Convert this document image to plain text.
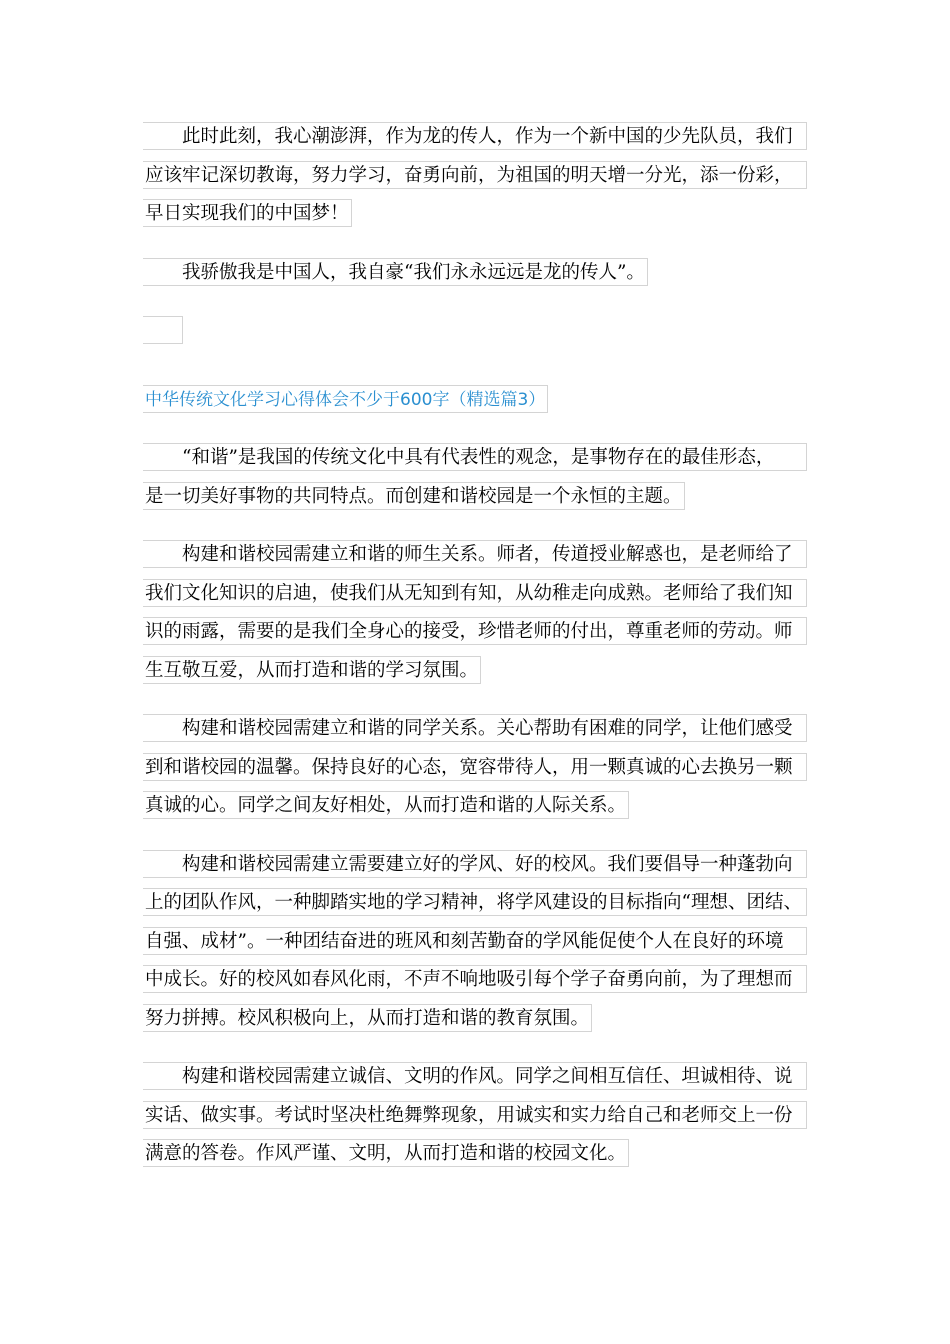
此时此刻，我心潮澎湃，作为龙的传人，作为一个新中国的少先队员，我们
应该牢记深切教诲，努力学习，奋勇向前，为祖国的明天增一分光，添一份彩，
早日实现我们的中国梦！
我骄傲我是中国人，我自豪“我们永永远远是龙的传人”。
中华传统文化学习心得体会不少于600字（精选篇3）
“和谐”是我国的传统文化中具有代表性的观念，是事物存在的最佳形态，
是一切美好事物的共同特点。而创建和谐校园是一个永恒的主题。
构建和谐校园需建立和谐的师生关系。师者，传道授业解惑也，是老师给了
我们文化知识的启迪，使我们从无知到有知，从幼稚走向成熟。老师给了我们知
识的雨露，需要的是我们全身心的接受，珍惜老师的付出，尊重老师的劳动。师
生互敬互爱，从而打造和谐的学习氛围。
构建和谐校园需建立和谐的同学关系。关心帮助有困难的同学，让他们感受
到和谐校园的温馨。保持良好的心态，宽容带待人，用一颗真诚的心去换另一颗
真诚的心。同学之间友好相处，从而打造和谐的人际关系。
构建和谐校园需建立需要建立好的学风、好的校风。我们要倡导一种蓬勃向
上的团队作风，一种脚踏实地的学习精神，将学风建设的目标指向“理想、团结、
自强、成材”。一种团结奋进的班风和刻苦勤奋的学风能促使个人在良好的环境
中成长。好的校风如春风化雨，不声不响地吸引每个学子奋勇向前，为了理想而
努力拼搏。校风积极向上，从而打造和谐的教育氛围。
构建和谐校园需建立诚信、文明的作风。同学之间相互信任、坦诚相待、说
实话、做实事。考试时坚决杜绝舞弊现象，用诚实和实力给自己和老师交上一份
满意的答卷。作风严谨、文明，从而打造和谐的校园文化。
